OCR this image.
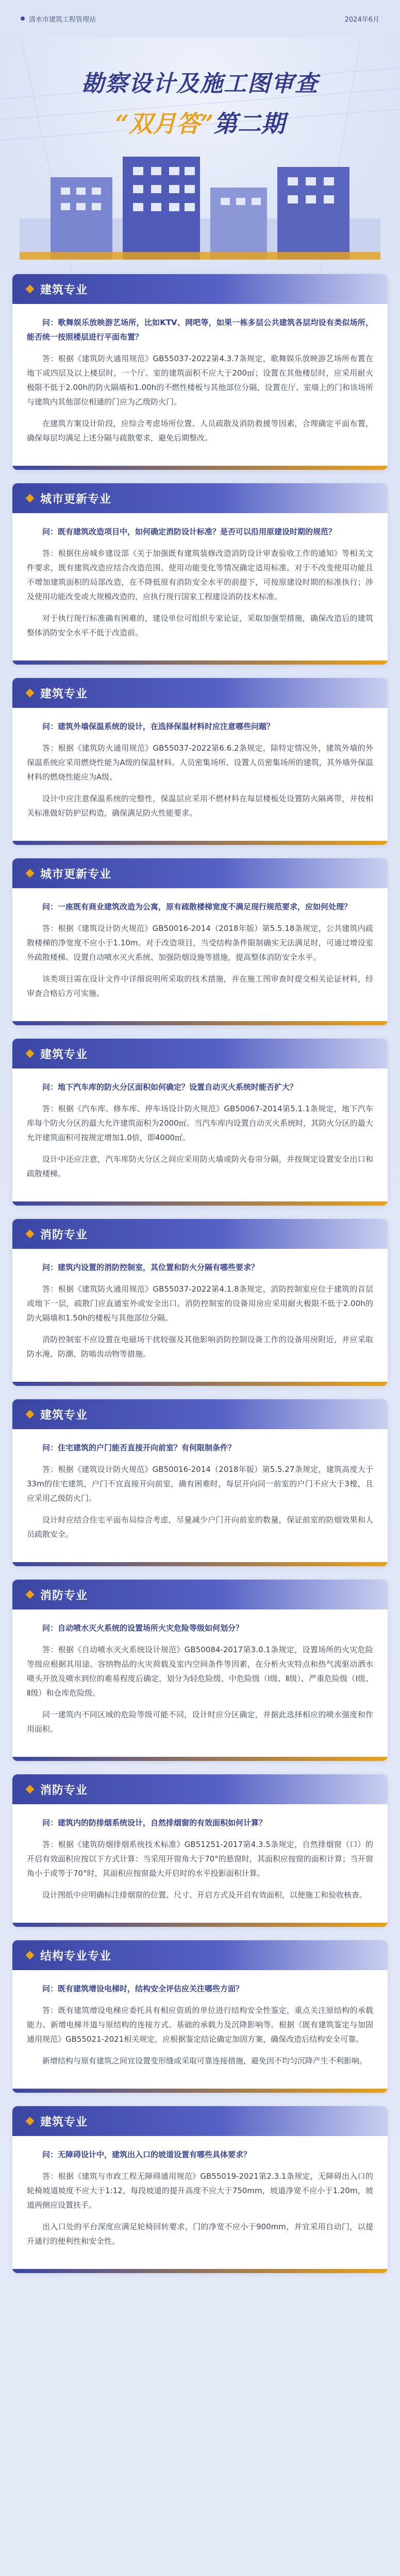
清水市建筑工程管理站	2024年6月
勘察设计及施工图审查
“双月答”第二期
建筑专业

问：歌舞娱乐放映游艺场所，比如KTV、网吧等，如果一栋多层公共建筑各层均设有类似场所，能否统一按照楼层进行平面布置？

答：根据《建筑防火通用规范》GB55037-2022第4.3.7条规定，歌舞娱乐放映游艺场所布置在地下或四层及以上楼层时，一个厅、室的建筑面积不应大于200㎡；设置在其他楼层时，应采用耐火极限不低于2.00h的防火隔墙和1.00h的不燃性楼板与其他部位分隔，设置在厅、室墙上的门和该场所与建筑内其他部位相通的门应为乙级防火门。

在建筑方案设计阶段，应综合考虑场所位置、人员疏散及消防救援等因素，合理确定平面布置，确保每层均满足上述分隔与疏散要求，避免后期整改。

城市更新专业

问：既有建筑改造项目中，如何确定消防设计标准？是否可以沿用原建设时期的规范？

答：根据住房城乡建设部《关于加强既有建筑装修改造消防设计审查验收工作的通知》等相关文件要求，既有建筑改造应结合改造范围、使用功能变化等情况确定适用标准。对于不改变使用功能且不增加建筑面积的局部改造，在不降低原有消防安全水平的前提下，可按原建设时期的标准执行；涉及使用功能改变或大规模改造的，应执行现行国家工程建设消防技术标准。

对于执行现行标准确有困难的，建设单位可组织专家论证，采取加强型措施，确保改造后的建筑整体消防安全水平不低于改造前。

建筑专业

问：建筑外墙保温系统的设计，在选择保温材料时应注意哪些问题？

答：根据《建筑防火通用规范》GB55037-2022第6.6.2条规定，除特定情况外，建筑外墙的外保温系统应采用燃烧性能为A级的保温材料。人员密集场所、设置人员密集场所的建筑，其外墙外保温材料的燃烧性能应为A级。

设计中应注意保温系统的完整性，保温层应采用不燃材料在每层楼板处设置防火隔离带，并按相关标准做好防护层构造，确保满足防火性能要求。

城市更新专业

问：一座既有商业建筑改造为公寓，原有疏散楼梯宽度不满足现行规范要求，应如何处理？

答：根据《建筑设计防火规范》GB50016-2014（2018年版）第5.5.18条规定，公共建筑内疏散楼梯的净宽度不应小于1.10m。对于改造项目，当受结构条件限制确实无法满足时，可通过增设室外疏散楼梯、设置自动喷水灭火系统、加强防烟设施等措施，提高整体消防安全水平。

该类项目需在设计文件中详细说明所采取的技术措施，并在施工图审查时提交相关论证材料，经审查合格后方可实施。

建筑专业

问：地下汽车库的防火分区面积如何确定？设置自动灭火系统时能否扩大？

答：根据《汽车库、修车库、停车场设计防火规范》GB50067-2014第5.1.1条规定，地下汽车库每个防火分区的最大允许建筑面积为2000㎡。当汽车库内设置自动灭火系统时，其防火分区的最大允许建筑面积可按规定增加1.0倍，即4000㎡。

设计中还应注意，汽车库防火分区之间应采用防火墙或防火卷帘分隔，并按规定设置安全出口和疏散楼梯。

消防专业

问：建筑内设置的消防控制室，其位置和防火分隔有哪些要求？

答：根据《建筑防火通用规范》GB55037-2022第4.1.8条规定，消防控制室应位于建筑的首层或地下一层，疏散门应直通室外或安全出口。消防控制室的设备用房应采用耐火极限不低于2.00h的防火隔墙和1.50h的楼板与其他部位分隔。

消防控制室不应设置在电磁场干扰较强及其他影响消防控制设备工作的设备用房附近，并应采取防水淹、防潮、防啮齿动物等措施。

建筑专业

问：住宅建筑的户门能否直接开向前室？有何限制条件？

答：根据《建筑设计防火规范》GB50016-2014（2018年版）第5.5.27条规定，建筑高度大于33m的住宅建筑，户门不宜直接开向前室，确有困难时，每层开向同一前室的户门不应大于3樘，且应采用乙级防火门。

设计时应结合住宅平面布局综合考虑，尽量减少户门开向前室的数量，保证前室的防烟效果和人员疏散安全。

消防专业

问：自动喷水灭火系统的设置场所火灾危险等级如何划分？

答：根据《自动喷水灭火系统设计规范》GB50084-2017第3.0.1条规定，设置场所的火灾危险等级应根据其用途、容纳物品的火灾荷载及室内空间条件等因素，在分析火灾特点和热气流驱动洒水喷头开放及喷水到位的难易程度后确定，划分为轻危险级、中危险级（Ⅰ级、Ⅱ级）、严重危险级（Ⅰ级、Ⅱ级）和仓库危险级。

同一建筑内不同区域的危险等级可能不同，设计时应分区确定，并据此选择相应的喷水强度和作用面积。

消防专业

问：建筑内的防排烟系统设计，自然排烟窗的有效面积如何计算？

答：根据《建筑防烟排烟系统技术标准》GB51251-2017第4.3.5条规定，自然排烟窗（口）的开启有效面积应按以下方式计算：当采用开窗角大于70°的悬窗时，其面积应按窗的面积计算；当开窗角小于或等于70°时，其面积应按窗最大开启时的水平投影面积计算。

设计图纸中应明确标注排烟窗的位置、尺寸、开启方式及开启有效面积，以便施工和验收核查。

结构专业专业

问：既有建筑增设电梯时，结构安全评估应关注哪些方面？

答：既有建筑增设电梯应委托具有相应资质的单位进行结构安全性鉴定，重点关注原结构的承载能力、新增电梯井道与原结构的连接方式、基础的承载力及沉降影响等。根据《既有建筑鉴定与加固通用规范》GB55021-2021相关规定，应根据鉴定结论确定加固方案，确保改造后结构安全可靠。

新增结构与原有建筑之间宜设置变形缝或采取可靠连接措施，避免因不均匀沉降产生不利影响。

建筑专业

问：无障碍设计中，建筑出入口的坡道设置有哪些具体要求？

答：根据《建筑与市政工程无障碍通用规范》GB55019-2021第2.3.1条规定，无障碍出入口的轮椅坡道坡度不应大于1:12，每段坡道的提升高度不应大于750mm，坡道净宽不应小于1.20m，坡道两侧应设置扶手。

出入口处的平台深度应满足轮椅回转要求，门的净宽不应小于900mm，并宜采用自动门，以提升通行的便利性和安全性。
